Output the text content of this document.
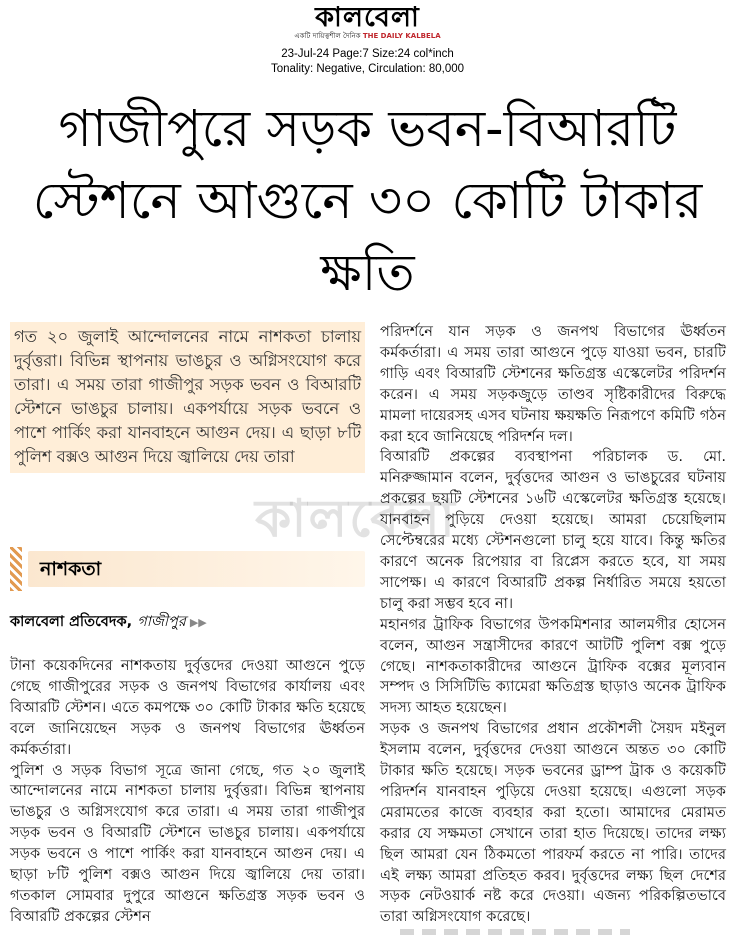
কালবেলা
একটি দায়িত্বশীল দৈনিক THE DAILY KALBELA
23-Jul-24 Page:7 Size:24 col*inch
Tonality: Negative, Circulation: 80,000
গাজীপুরে সড়ক ভবন-বিআরটি স্টেশনে আগুনে ৩০ কোটি টাকার ক্ষতি
গত ২০ জুলাই আন্দোলনের নামে নাশকতা চালায় দুর্বৃত্তরা। বিভিন্ন স্থাপনায় ভাঙচুর ও অগ্নিসংযোগ করে তারা। এ সময় তারা গাজীপুর সড়ক ভবন ও বিআরটি স্টেশনে ভাঙচুর চালায়। একপর্যায়ে সড়ক ভবনে ও পাশে পার্কিং করা যানবাহনে আগুন দেয়। এ ছাড়া ৮টি পুলিশ বক্সও আগুন দিয়ে জ্বালিয়ে দেয় তারা
কালবেলা
নাশকতা
কালবেলা প্রতিবেদক, গাজীপুর ▶▶

টানা কয়েকদিনের নাশকতায় দুর্বৃত্তদের দেওয়া আগুনে পুড়ে গেছে গাজীপুরের সড়ক ও জনপথ বিভাগের কার্যালয় এবং বিআরটি স্টেশন। এতে কমপক্ষে ৩০ কোটি টাকার ক্ষতি হয়েছে বলে জানিয়েছেন সড়ক ও জনপথ বিভাগের ঊর্ধ্বতন কর্মকর্তারা।

পুলিশ ও সড়ক বিভাগ সূত্রে জানা গেছে, গত ২০ জুলাই আন্দোলনের নামে নাশকতা চালায় দুর্বৃত্তরা। বিভিন্ন স্থাপনায় ভাঙচুর ও অগ্নিসংযোগ করে তারা। এ সময় তারা গাজীপুর সড়ক ভবন ও বিআরটি স্টেশনে ভাঙচুর চালায়। একপর্যায়ে সড়ক ভবনে ও পাশে পার্কিং করা যানবাহনে আগুন দেয়। এ ছাড়া ৮টি পুলিশ বক্সও আগুন দিয়ে জ্বালিয়ে দেয় তারা। গতকাল সোমবার দুপুরে আগুনে ক্ষতিগ্রস্ত সড়ক ভবন ও বিআরটি প্রকল্পের স্টেশন

পরিদর্শনে যান সড়ক ও জনপথ বিভাগের ঊর্ধ্বতন কর্মকর্তারা। এ সময় তারা আগুনে পুড়ে যাওয়া ভবন, চারটি গাড়ি এবং বিআরটি স্টেশনের ক্ষতিগ্রস্ত এস্কেলেটর পরিদর্শন করেন। এ সময় সড়কজুড়ে তাণ্ডব সৃষ্টিকারীদের বিরুদ্ধে মামলা দায়েরসহ এসব ঘটনায় ক্ষয়ক্ষতি নিরূপণে কমিটি গঠন করা হবে জানিয়েছে পরিদর্শন দল।

বিআরটি প্রকল্পের ব্যবস্থাপনা পরিচালক ড. মো. মনিরুজ্জামান বলেন, দুর্বৃত্তদের আগুন ও ভাঙচুরের ঘটনায় প্রকল্পের ছয়টি স্টেশনের ১৬টি এস্কেলেটর ক্ষতিগ্রস্ত হয়েছে। যানবাহন পুড়িয়ে দেওয়া হয়েছে। আমরা চেয়েছিলাম সেপ্টেম্বরের মধ্যে স্টেশনগুলো চালু হয়ে যাবে। কিন্তু ক্ষতির কারণে অনেক রিপেয়ার বা রিপ্লেস করতে হবে, যা সময় সাপেক্ষ। এ কারণে বিআরটি প্রকল্প নির্ধারিত সময়ে হয়তো চালু করা সম্ভব হবে না।

মহানগর ট্রাফিক বিভাগের উপকমিশনার আলমগীর হোসেন বলেন, আগুন সন্ত্রাসীদের কারণে আটটি পুলিশ বক্স পুড়ে গেছে। নাশকতাকারীদের আগুনে ট্রাফিক বক্সের মূল্যবান সম্পদ ও সিসিটিভি ক্যামেরা ক্ষতিগ্রস্ত ছাড়াও অনেক ট্রাফিক সদস্য আহত হয়েছেন।

সড়ক ও জনপথ বিভাগের প্রধান প্রকৌশলী সৈয়দ মইনুল ইসলাম বলেন, দুর্বৃত্তদের দেওয়া আগুনে অন্তত ৩০ কোটি টাকার ক্ষতি হয়েছে। সড়ক ভবনের ড্রাম্প ট্রাক ও কয়েকটি পরিদর্শন যানবাহন পুড়িয়ে দেওয়া হয়েছে। এগুলো সড়ক মেরামতের কাজে ব্যবহার করা হতো। আমাদের মেরামত করার যে সক্ষমতা সেখানে তারা হাত দিয়েছে। তাদের লক্ষ্য ছিল আমরা যেন ঠিকমতো পারফর্ম করতে না পারি। তাদের এই লক্ষ্য আমরা প্রতিহত করব। দুর্বৃত্তদের লক্ষ্য ছিল দেশের সড়ক নেটওয়ার্ক নষ্ট করে দেওয়া। এজন্য পরিকল্পিতভাবে তারা অগ্নিসংযোগ করেছে।
